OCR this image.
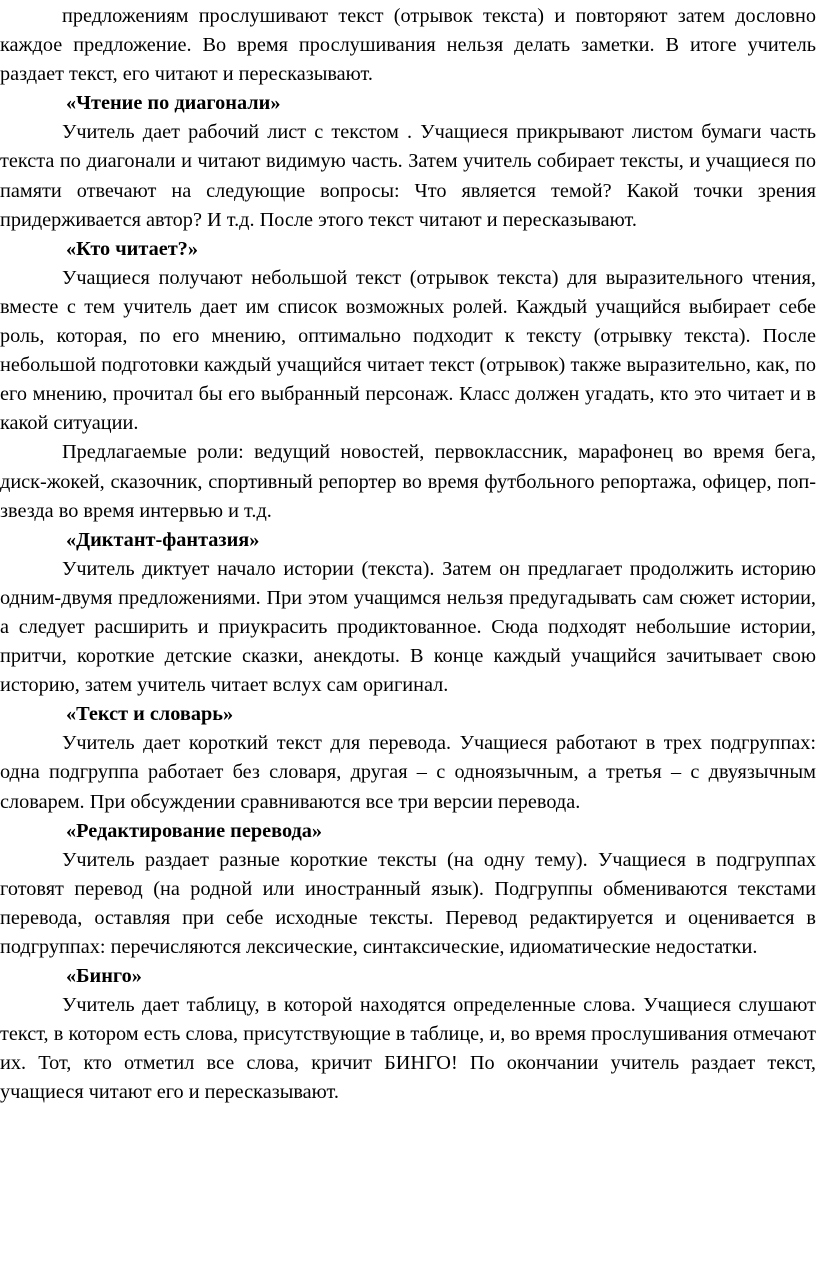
предложениям прослушивают текст (отрывок текста) и повторяют затем дословно каждое предложение. Во время прослушивания нельзя делать заметки. В итоге учитель раздает текст, его читают и пересказывают.

«Чтение по диагонали»

Учитель дает рабочий лист с текстом . Учащиеся прикрывают листом бумаги часть текста по диагонали и читают видимую часть. Затем учитель собирает тексты, и учащиеся по памяти отвечают на следующие вопросы: Что является темой? Какой точки зрения придерживается автор? И т.д. После этого текст читают и пересказывают.

«Кто читает?»

Учащиеся получают небольшой текст (отрывок текста) для выразительного чтения, вместе с тем учитель дает им список возможных ролей. Каждый учащийся выбирает себе роль, которая, по его мнению, оптимально подходит к тексту (отрывку текста). После небольшой подготовки каждый учащийся читает текст (отрывок) также выразительно, как, по его мнению, прочитал бы его выбранный персонаж. Класс должен угадать, кто это читает и в какой ситуации.

Предлагаемые роли: ведущий новостей, первоклассник, марафонец во время бега, диск-жокей, сказочник, спортивный репортер во время футбольного репортажа, офицер, поп-звезда во время интервью и т.д.

«Диктант-фантазия»

Учитель диктует начало истории (текста). Затем он предлагает продолжить историю одним-двумя предложениями. При этом учащимся нельзя предугадывать сам сюжет истории, а следует расширить и приукрасить продиктованное. Сюда подходят небольшие истории, притчи, короткие детские сказки, анекдоты. В конце каждый учащийся зачитывает свою историю, затем учитель читает вслух сам оригинал.

«Текст и словарь»

Учитель дает короткий текст для перевода. Учащиеся работают в трех подгруппах: одна подгруппа работает без словаря, другая – с одноязычным, а третья – с двуязычным словарем. При обсуждении сравниваются все три версии перевода.

«Редактирование перевода»

Учитель раздает разные короткие тексты (на одну тему). Учащиеся в подгруппах готовят перевод (на родной или иностранный язык). Подгруппы обмениваются текстами перевода, оставляя при себе исходные тексты. Перевод редактируется и оценивается в подгруппах: перечисляются лексические, синтаксические, идиоматические недостатки.

«Бинго»

Учитель дает таблицу, в которой находятся определенные слова. Учащиеся слушают текст, в котором есть слова, присутствующие в таблице, и, во время прослушивания отмечают их. Тот, кто отметил все слова, кричит БИНГО! По окончании учитель раздает текст, учащиеся читают его и пересказывают.
